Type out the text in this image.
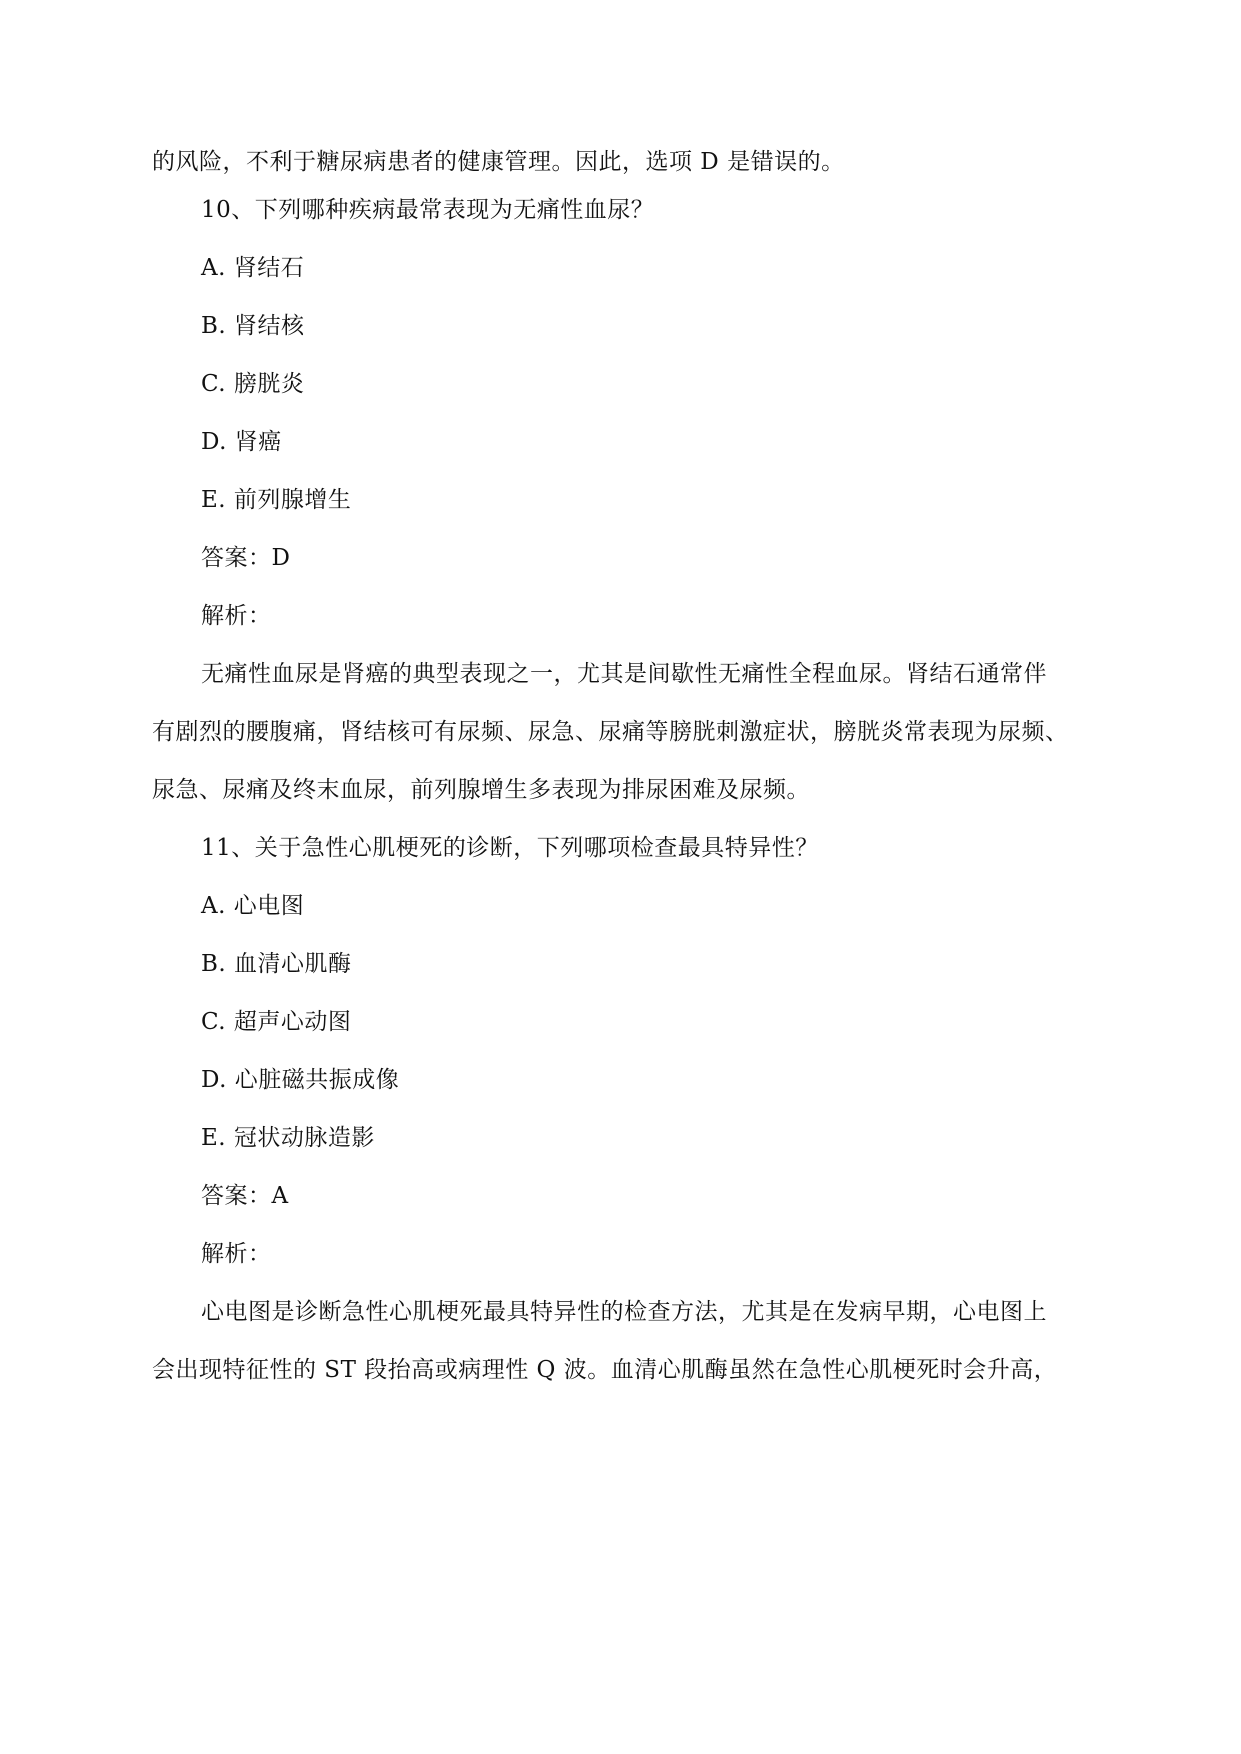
的风险，不利于糖尿病患者的健康管理。因此，选项 D 是错误的。
10、下列哪种疾病最常表现为无痛性血尿？
A. 肾结石
B. 肾结核
C. 膀胱炎
D. 肾癌
E. 前列腺增生
答案：D
解析：
无痛性血尿是肾癌的典型表现之一，尤其是间歇性无痛性全程血尿。肾结石通常伴
有剧烈的腰腹痛，肾结核可有尿频、尿急、尿痛等膀胱刺激症状，膀胱炎常表现为尿频、
尿急、尿痛及终末血尿，前列腺增生多表现为排尿困难及尿频。
11、关于急性心肌梗死的诊断，下列哪项检查最具特异性？
A. 心电图
B. 血清心肌酶
C. 超声心动图
D. 心脏磁共振成像
E. 冠状动脉造影
答案：A
解析：
心电图是诊断急性心肌梗死最具特异性的检查方法，尤其是在发病早期，心电图上
会出现特征性的 ST 段抬高或病理性 Q 波。血清心肌酶虽然在急性心肌梗死时会升高，
